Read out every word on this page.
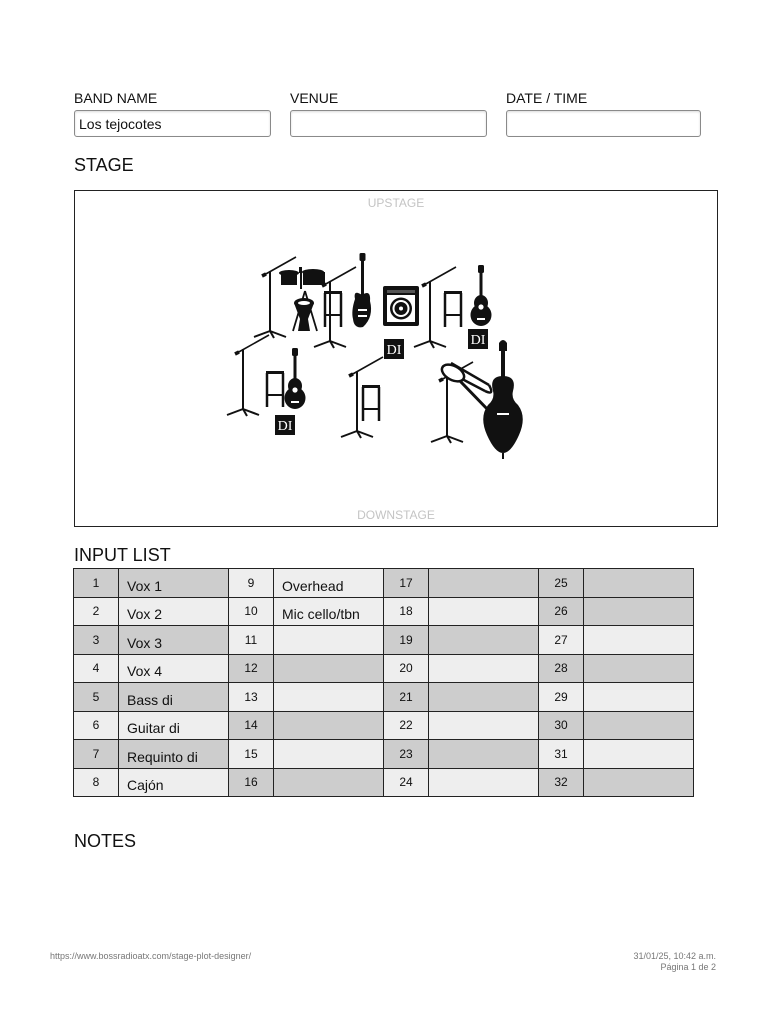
BAND NAME
Los tejocotes
VENUE	DATE / TIME
STAGE
UPSTAGE
DOWNSTAGE
DI
INPUT LIST
1	Vox 1	9	Overhead	17		25	
2	Vox 2	10	Mic cello/tbn	18		26	
3	Vox 3	11		19		27	
4	Vox 4	12		20		28	
5	Bass di	13		21		29	
6	Guitar di	14		22		30	
7	Requinto di	15		23		31	
8	Cajón	16		24		32	
NOTES
https://www.bossradioatx.com/stage-plot-designer/	31/01/25, 10:42 a.m.
Página 1 de 2
